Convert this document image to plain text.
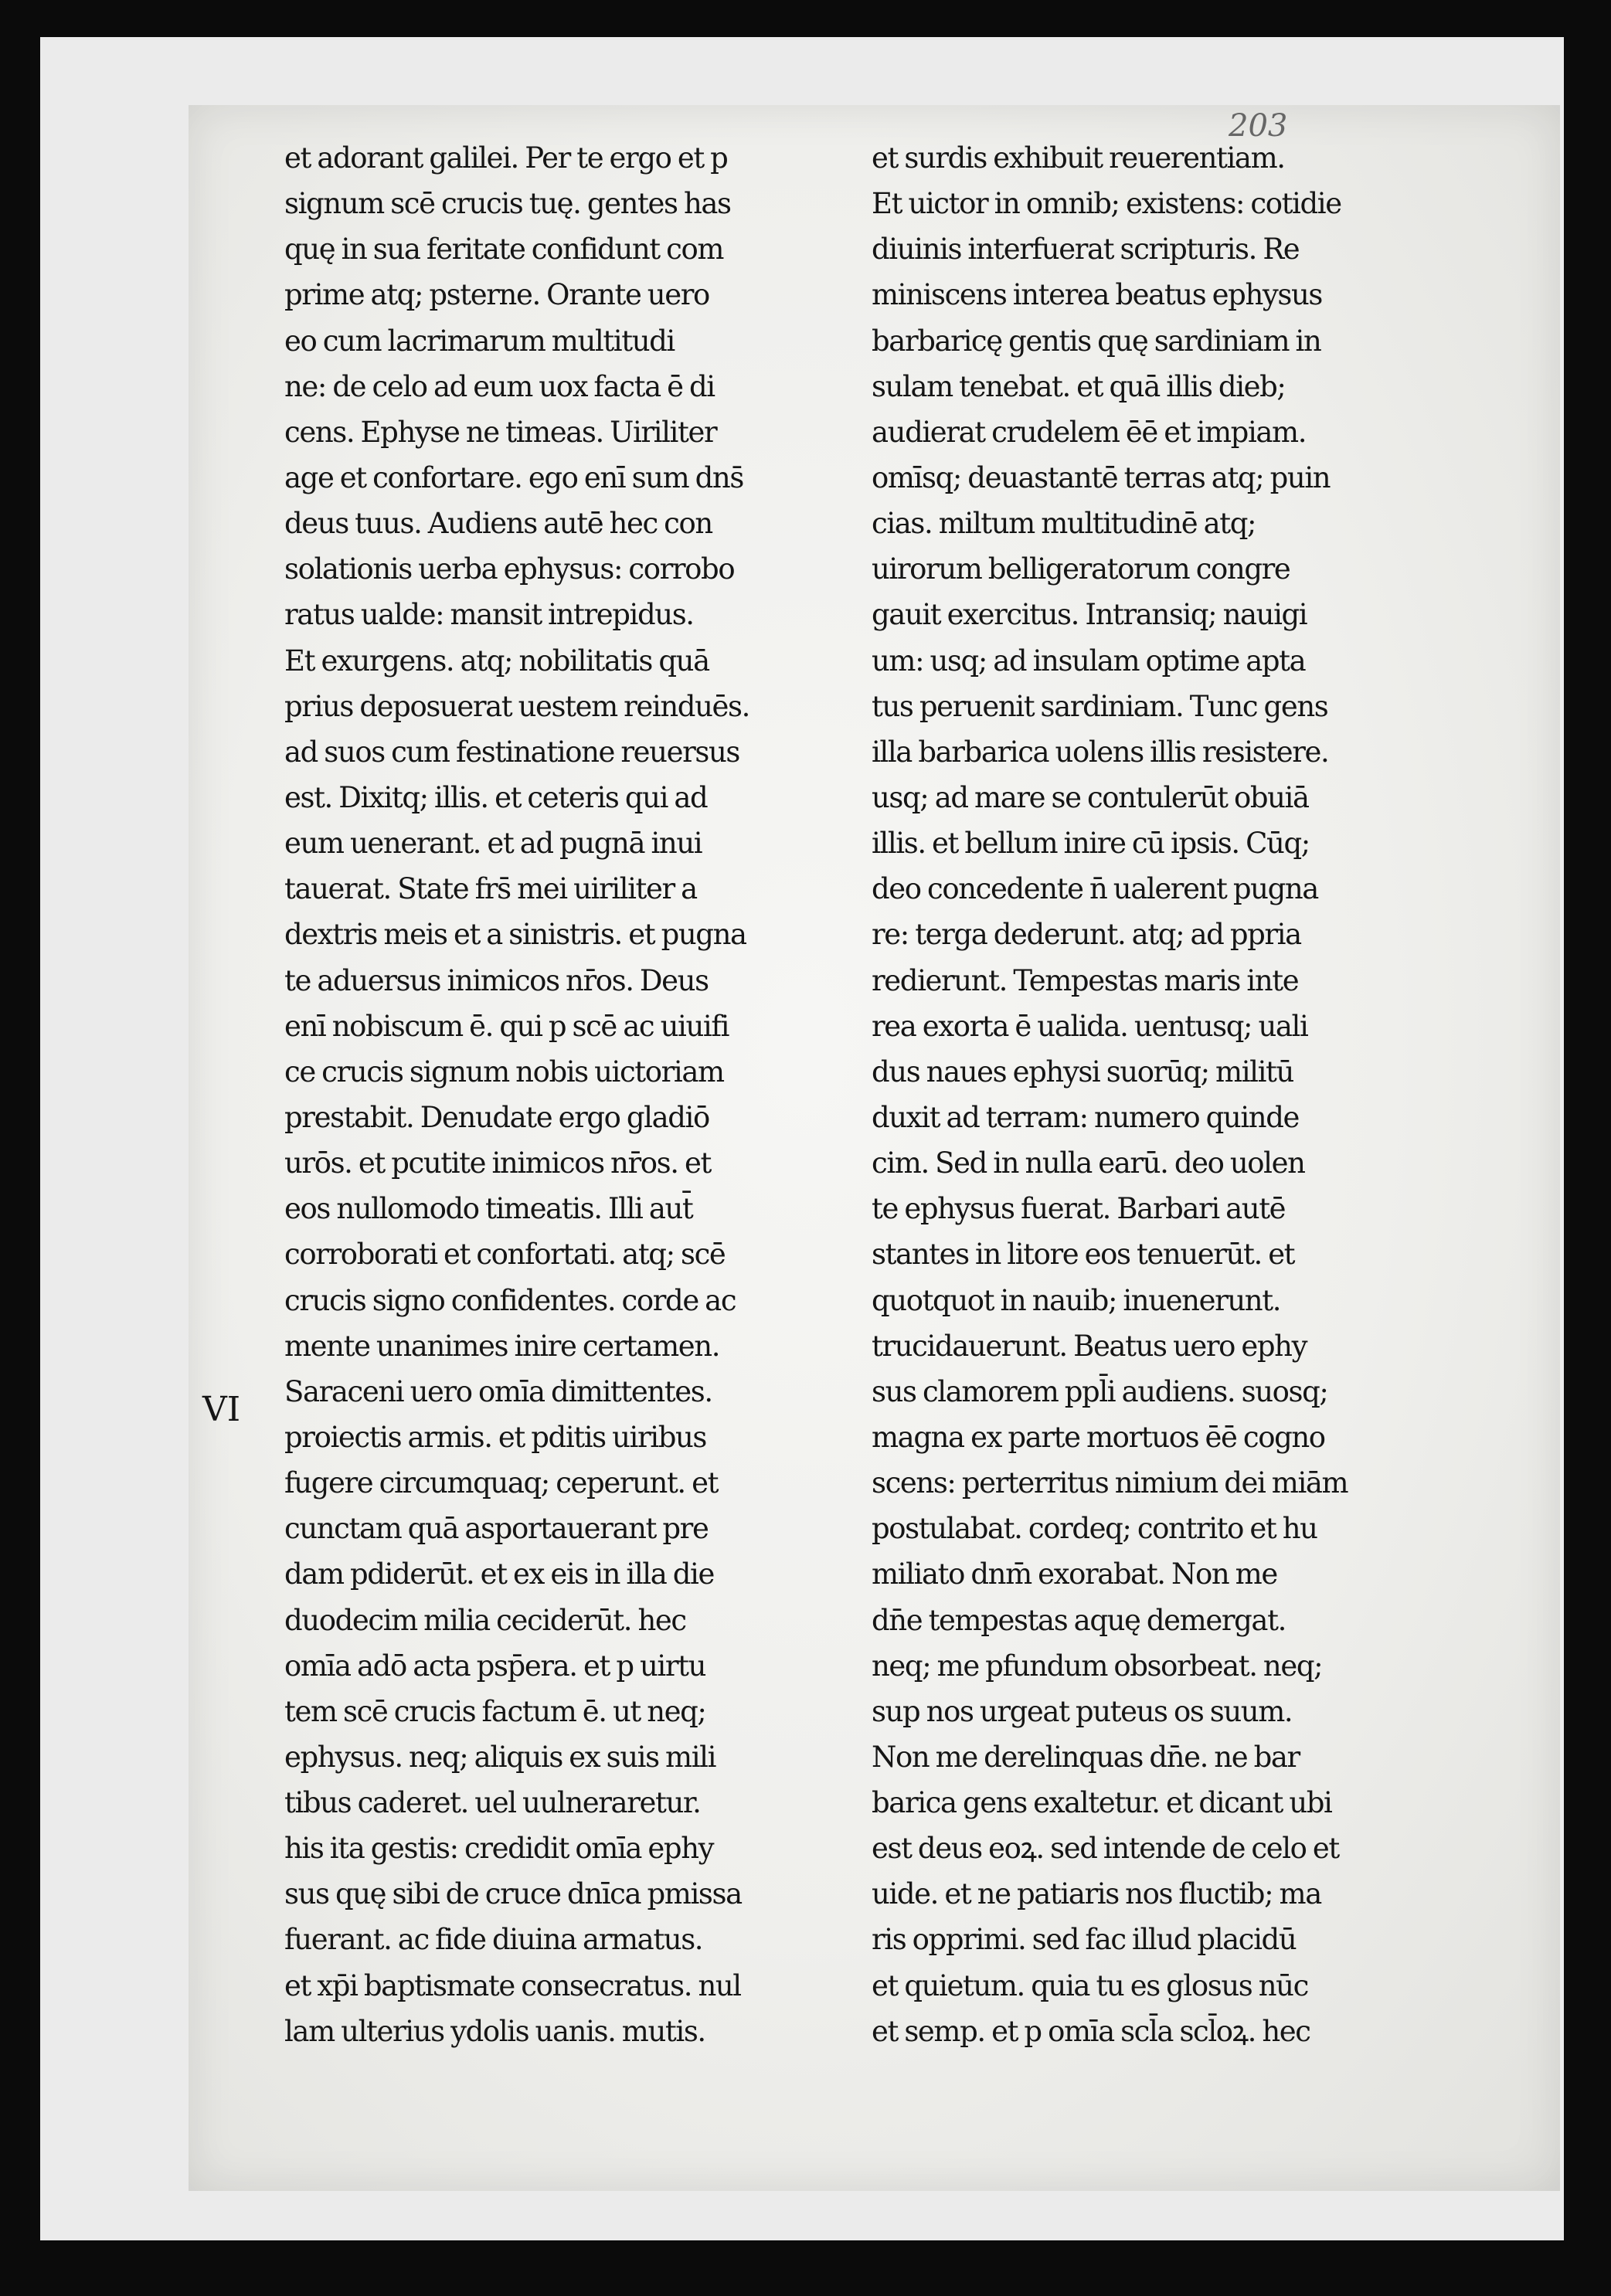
203
VI
et adorant galilei. Per te ergo et p
signum scē crucis tuę. gentes has
quę in sua feritate confidunt com
prime atq; psterne. Orante uero
eo cum lacrimarum multitudi
ne: de celo ad eum uox facta ē di
cens. Ephyse ne timeas. Uiriliter
age et confortare. ego enī sum dns̄
deus tuus. Audiens autē hec con
solationis uerba ephysus: corrobo
ratus ualde: mansit intrepidus.
Et exurgens. atq; nobilitatis quā
prius deposuerat uestem reinduēs.
ad suos cum festinatione reuersus
est. Dixitq; illis. et ceteris qui ad
eum uenerant. et ad pugnā inui
tauerat. State frs̄ mei uiriliter a
dextris meis et a sinistris. et pugna
te aduersus inimicos nr̄os. Deus
enī nobiscum ē. qui p scē ac uiuifi
ce crucis signum nobis uictoriam
prestabit. Denudate ergo gladiō
urōs. et pcutite inimicos nr̄os. et
eos nullomodo timeatis. Illi aut̄
corroborati et confortati. atq; scē
crucis signo confidentes. corde ac
mente unanimes inire certamen.
Saraceni uero omīa dimittentes.
proiectis armis. et pditis uiribus
fugere circumquaq; ceperunt. et
cunctam quā asportauerant pre
dam pdiderūt. et ex eis in illa die
duodecim milia ceciderūt. hec
omīa adō acta psp̄era. et p uirtu
tem scē crucis factum ē. ut neq;
ephysus. neq; aliquis ex suis mili
tibus caderet. uel uulneraretur.
his ita gestis: credidit omīa ephy
sus quę sibi de cruce dnīca pmissa
fuerant. ac fide diuina armatus.
et xp̄i baptismate consecratus. nul
lam ulterius ydolis uanis. mutis.
et surdis exhibuit reuerentiam.
Et uictor in omnib; existens: cotidie
diuinis interfuerat scripturis. Re
miniscens interea beatus ephysus
barbaricę gentis quę sardiniam in
sulam tenebat. et quā illis dieb;
audierat crudelem ēē et impiam.
omīsq; deuastantē terras atq; puin
cias. miltum multitudinē atq;
uirorum belligeratorum congre
gauit exercitus. Intransiq; nauigi
um: usq; ad insulam optime apta
tus peruenit sardiniam. Tunc gens
illa barbarica uolens illis resistere.
usq; ad mare se contulerūt obuiā
illis. et bellum inire cū ipsis. Cūq;
deo concedente n̄ ualerent pugna
re: terga dederunt. atq; ad ppria
redierunt. Tempestas maris inte
rea exorta ē ualida. uentusq; uali
dus naues ephysi suorūq; militū
duxit ad terram: numero quinde
cim. Sed in nulla earū. deo uolen
te ephysus fuerat. Barbari autē
stantes in litore eos tenuerūt. et
quotquot in nauib; inuenerunt.
trucidauerunt. Beatus uero ephy
sus clamorem ppl̄i audiens. suosq;
magna ex parte mortuos ēē cogno
scens: perterritus nimium dei miām
postulabat. cordeq; contrito et hu
miliato dnm̄ exorabat. Non me
dn̄e tempestas aquę demergat.
neq; me pfundum obsorbeat. neq;
sup nos urgeat puteus os suum.
Non me derelinquas dn̄e. ne bar
barica gens exaltetur. et dicant ubi
est deus eoꝝ. sed intende de celo et
uide. et ne patiaris nos fluctib; ma
ris opprimi. sed fac illud placidū
et quietum. quia tu es glosus nūc
et semp. et p omīa scl̄a scl̄oꝝ. hec
